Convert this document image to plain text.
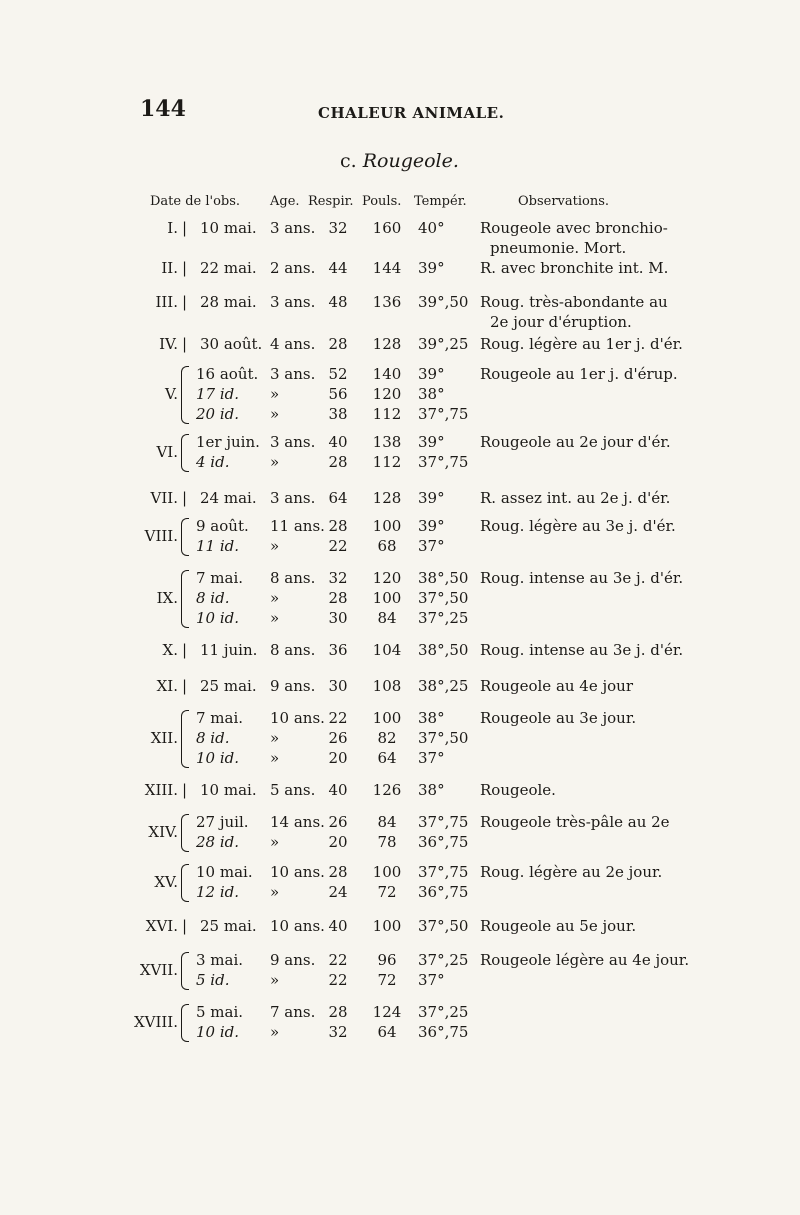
144	CHALEUR ANIMALE.
c. Rougeole.
Date de l'obs. Age. Respir. Pouls. Tempér.	Observations.
I. | 10 mai. 3 ans. 32 160 40° Rougeole avec bronchio-
pneumonie. Mort.
II. | 22 mai. 2 ans. 44 144 39° R. avec bronchite int. M.
III. | 28 mai. 3 ans. 48 136 39°,50 Roug. très-abondante au
2e jour d'éruption.
IV. | 30 août. 4 ans. 28 128 39°,25 Roug. légère au 1er j. d'ér.
V.
16 août. 3 ans. 52 140 39° Rougeole au 1er j. d'érup.
17 id. »	56 120 38°
20 id. »	38 112 37°,75
VI.
1er juin. 3 ans. 40 138 39° Rougeole au 2e jour d'ér.
4 id.	»	28 112 37°,75
VII. | 24 mai. 3 ans. 64 128 39° R. assez int. au 2e j. d'ér.
VIII.
9 août. 11 ans. 28 100 39° Roug. légère au 3e j. d'ér.
11 id. »	22	68	37°
IX.
7 mai. 8 ans. 32 120 38°,50 Roug. intense au 3e j. d'ér.
8 id.	»	28 100 37°,50
10 id. »	30	84	37°,25
X. | 11 juin. 8 ans. 36 104 38°,50 Roug. intense au 3e j. d'ér.
XI. | 25 mai. 9 ans. 30 108 38°,25 Rougeole au 4e jour
XII.
7 mai. 10 ans. 22 100 38° Rougeole au 3e jour.
8 id.	»	26	82	37°,50
10 id. »	20	64	37°
XIII. | 10 mai. 5 ans. 40 126 38° Rougeole.
XIV.
27 juil. 14 ans. 26	84	37°,75 Rougeole très-pâle au 2e
28 id. »	20	78	36°,75
XV.
10 mai. 10 ans. 28 100 37°,75 Roug. légère au 2e jour.
12 id. »	24	72	36°,75
XVI. | 25 mai. 10 ans. 40 100 37°,50 Rougeole au 5e jour.
XVII.
3 mai. 9 ans. 22	96	37°,25 Rougeole légère au 4e jour.
5 id.	»	22	72	37°
XVIII.
5 mai. 7 ans. 28 124 37°,25
10 id. »	32	64	36°,75
